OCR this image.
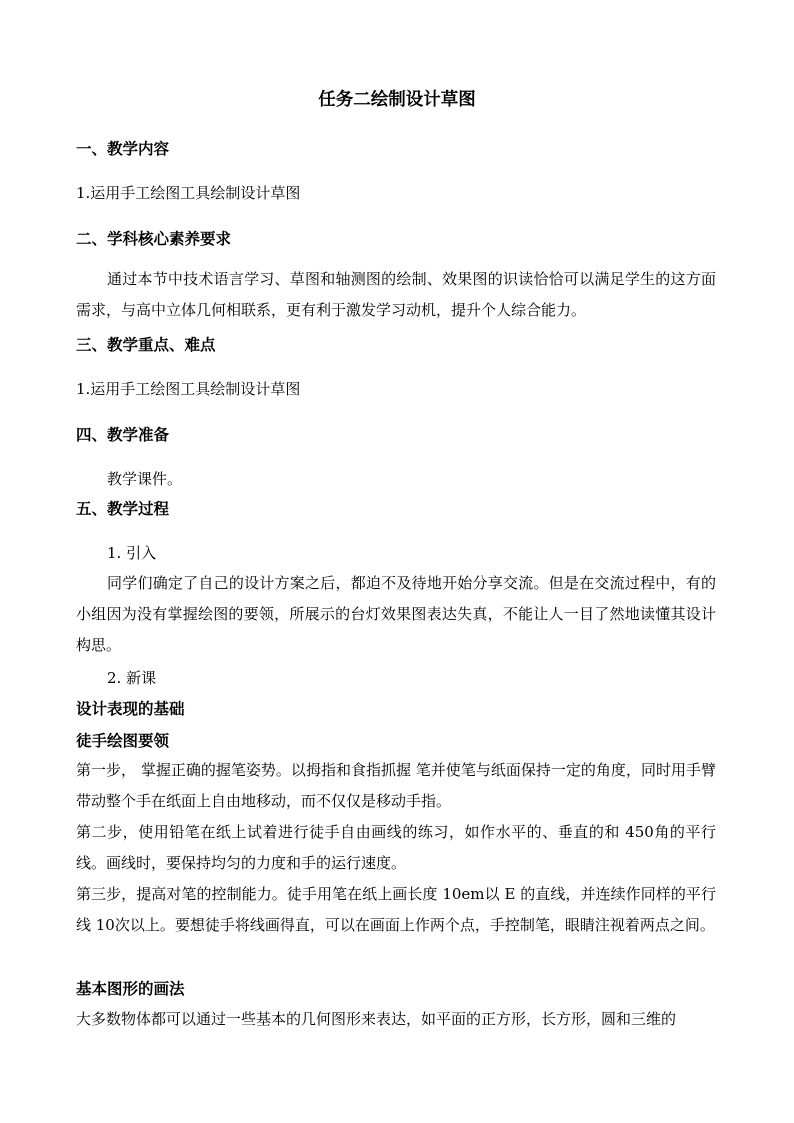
任务二绘制设计草图
一、教学内容
1.运用手工绘图工具绘制设计草图
二、学科核心素养要求
通过本节中技术语言学习、草图和轴测图的绘制、效果图的识读恰恰可以满足学生的这方面需求，与高中立体几何相联系，更有利于激发学习动机，提升个人综合能力。
三、教学重点、难点
1.运用手工绘图工具绘制设计草图
四、教学准备
教学课件。
五、教学过程
1. 引入
同学们确定了自己的设计方案之后，都迫不及待地开始分享交流。但是在交流过程中，有的小组因为没有掌握绘图的要领，所展示的台灯效果图表达失真，不能让人一目了然地读懂其设计构思。
2. 新课
设计表现的基础
徒手绘图要领
第一步， 掌握正确的握笔姿势。以拇指和食指抓握 笔并使笔与纸面保持一定的角度，同时用手臂带动整个手在纸面上自由地移动，而不仅仅是移动手指。
第二步，使用铅笔在纸上试着进行徒手自由画线的练习，如作水平的、垂直的和 450角的平行线。画线时，要保持均匀的力度和手的运行速度。
第三步，提高对笔的控制能力。徒手用笔在纸上画长度 10em以 E 的直线，并连续作同样的平行线 10次以上。要想徒手将线画得直，可以在画面上作两个点，手控制笔，眼睛注视着两点之间。
基本图形的画法
大多数物体都可以通过一些基本的几何图形来表达，如平面的正方形，长方形，圆和三维的
